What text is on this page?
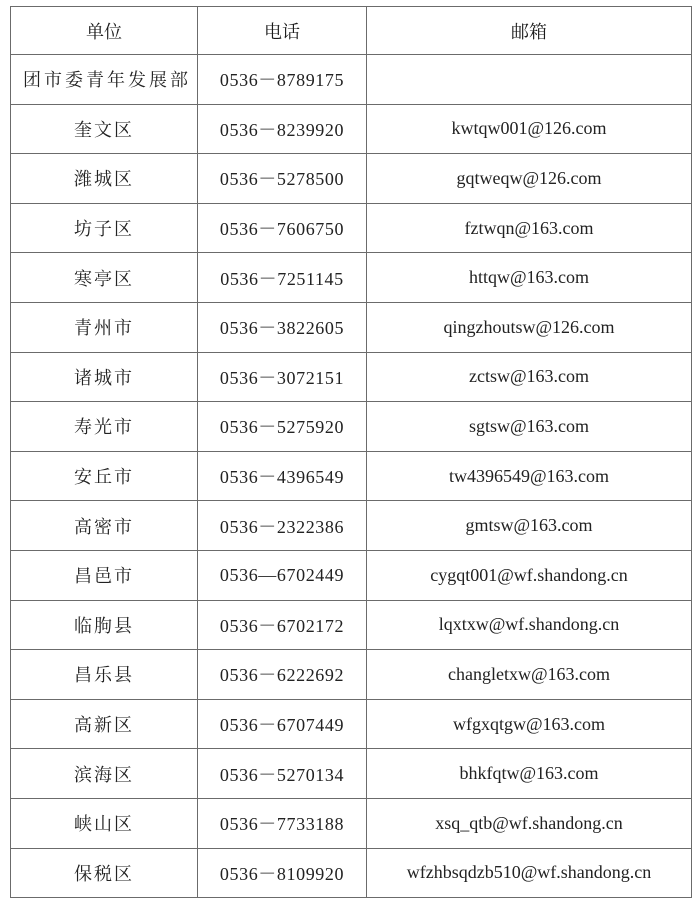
单位	电话	邮箱
团市委青年发展部	0536－8789175	
奎文区	0536－8239920	kwtqw001@126.com
潍城区	0536－5278500	gqtweqw@126.com
坊子区	0536－7606750	fztwqn@163.com
寒亭区	0536－7251145	httqw@163.com
青州市	0536－3822605	qingzhoutsw@126.com
诸城市	0536－3072151	zctsw@163.com
寿光市	0536－5275920	sgtsw@163.com
安丘市	0536－4396549	tw4396549@163.com
高密市	0536－2322386	gmtsw@163.com
昌邑市	0536—6702449	cygqt001@wf.shandong.cn
临朐县	0536－6702172	lqxtxw@wf.shandong.cn
昌乐县	0536－6222692	changletxw@163.com
高新区	0536－6707449	wfgxqtgw@163.com
滨海区	0536－5270134	bhkfqtw@163.com
峡山区	0536－7733188	xsq_qtb@wf.shandong.cn
保税区	0536－8109920	wfzhbsqdzb510@wf.shandong.cn
